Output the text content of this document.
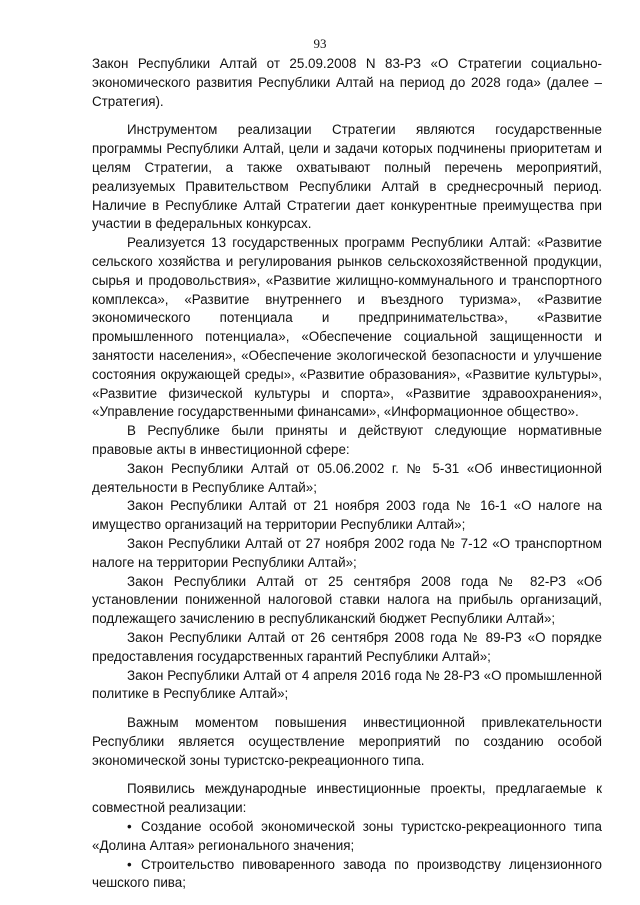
93

Закон Республики Алтай от 25.09.2008 N 83-РЗ «О Стратегии социально-экономического развития Республики Алтай на период до 2028 года» (далее – Стратегия).

Инструментом реализации Стратегии являются государственные программы Республики Алтай, цели и задачи которых подчинены приоритетам и целям Стратегии, а также охватывают полный перечень мероприятий, реализуемых Правительством Республики Алтай в среднесрочный период. Наличие в Республике Алтай Стратегии дает конкурентные преимущества при участии в федеральных конкурсах.

Реализуется 13 государственных программ Республики Алтай: «Развитие сельского хозяйства и регулирования рынков сельскохозяйственной продукции, сырья и продовольствия», «Развитие жилищно-коммунального и транспортного комплекса», «Развитие внутреннего и въездного туризма», «Развитие экономического потенциала и предпринимательства», «Развитие промышленного потенциала», «Обеспечение социальной защищенности и занятости населения», «Обеспечение экологической безопасности и улучшение состояния окружающей среды», «Развитие образования», «Развитие культуры», «Развитие физической культуры и спорта», «Развитие здравоохранения», «Управление государственными финансами», «Информационное общество».

В Республике были приняты и действуют следующие нормативные правовые акты в инвестиционной сфере:

Закон Республики Алтай от 05.06.2002 г. № 5-31 «Об инвестиционной деятельности в Республике Алтай»;

Закон Республики Алтай от 21 ноября 2003 года № 16-1 «О налоге на имущество организаций на территории Республики Алтай»;

Закон Республики Алтай от 27 ноября 2002 года № 7-12 «О транспортном налоге на территории Республики Алтай»;

Закон Республики Алтай от 25 сентября 2008 года № 82-РЗ «Об установлении пониженной налоговой ставки налога на прибыль организаций, подлежащего зачислению в республиканский бюджет Республики Алтай»;

Закон Республики Алтай от 26 сентября 2008 года № 89-РЗ «О порядке предоставления государственных гарантий Республики Алтай»;

Закон Республики Алтай от 4 апреля 2016 года № 28-РЗ «О промышленной политике в Республике Алтай»;

Важным моментом повышения инвестиционной привлекательности Республики является осуществление мероприятий по созданию особой экономической зоны туристско-рекреационного типа.

Появились международные инвестиционные проекты, предлагаемые к совместной реализации:

• Создание особой экономической зоны туристско-рекреационного типа «Долина Алтая» регионального значения;

• Строительство пивоваренного завода по производству лицензионного чешского пива;
